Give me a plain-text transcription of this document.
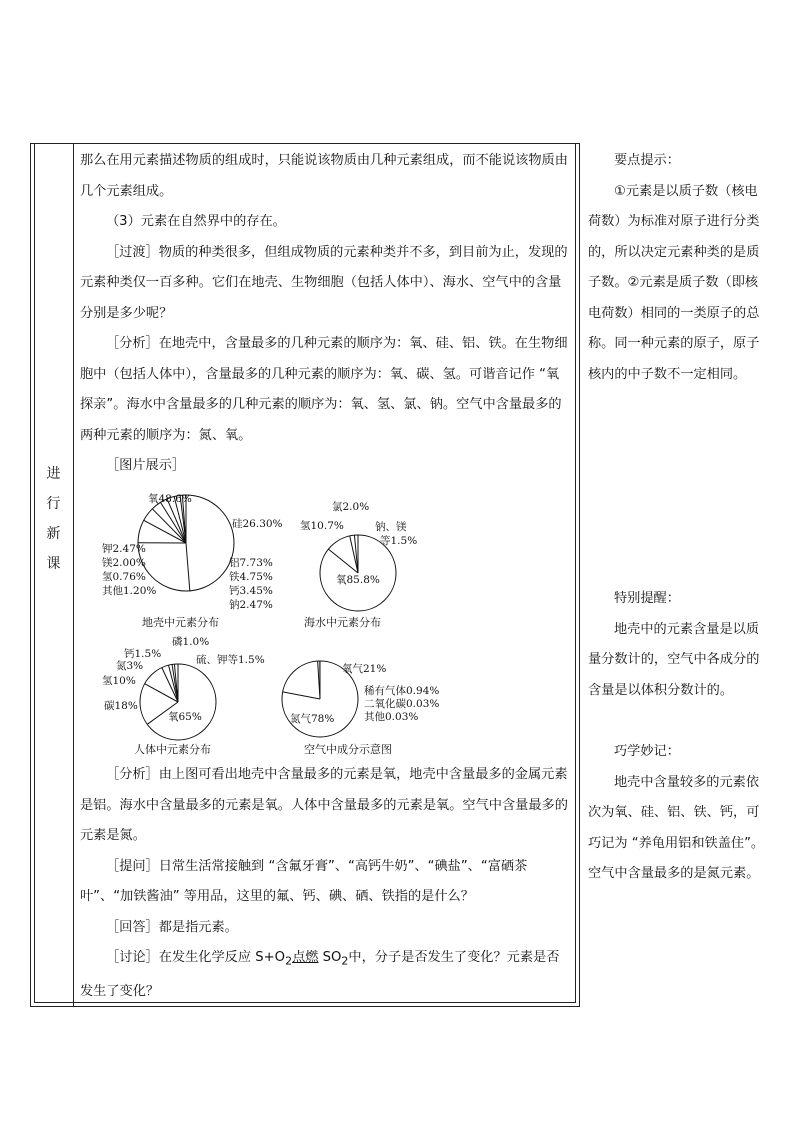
进
行
新
课

那么在用元素描述物质的组成时，只能说该物质由几种元素组成，而不能说该物质由几个元素组成。

（3）元素在自然界中的存在。

［过渡］物质的种类很多，但组成物质的元素种类并不多，到目前为止，发现的元素种类仅一百多种。它们在地壳、生物细胞（包括人体中）、海水、空气中的含量分别是多少呢？

［分析］在地壳中，含量最多的几种元素的顺序为：氧、硅、铝、铁。在生物细胞中（包括人体中），含量最多的几种元素的顺序为：氧、碳、氢。可谐音记作 “氧探亲”。海水中含量最多的几种元素的顺序为：氧、氢、氯、钠。空气中含量最多的两种元素的顺序为：氮、氧。

［图片展示］

氧48.6%
硅26.30%
铝7.73%
铁4.75%
钙3.45%
钠2.47%
钾2.47%
镁2.00%
氢0.76%
其他1.20%
地壳中元素分布
氯2.0%
氢10.7%	钠、镁
等1.5%
氧85.8%
海水中元素分布
磷1.0%
钙1.5%
氮3%	硫、钾等1.5%
氢10%
碳18%
氧65%
人体中元素分布
氧气21%
稀有气体0.94%
二氧化碳0.03%
其他0.03%
氮气78%
空气中成分示意图

［分析］由上图可看出地壳中含量最多的元素是氧，地壳中含量最多的金属元素是铝。海水中含量最多的元素是氧。人体中含量最多的元素是氧。空气中含量最多的元素是氮。

［提问］日常生活常接触到 “含氟牙膏”、“高钙牛奶”、“碘盐”、“富硒茶叶”、“加铁酱油” 等用品，这里的氟、钙、碘、硒、铁指的是什么？

［回答］都是指元素。

［讨论］在发生化学反应 $S+O_2$点燃 $SO_2$中，分子是否发生了变化？元素是否发生了变化？

要点提示：

①元素是以质子数（核电荷数）为标准对原子进行分类的，所以决定元素种类的是质子数。②元素是质子数（即核电荷数）相同的一类原子的总称。同一种元素的原子，原子核内的中子数不一定相同。

特别提醒：

地壳中的元素含量是以质量分数计的，空气中各成分的含量是以体积分数计的。

巧学妙记：

地壳中含量较多的元素依次为氧、硅、铝、铁、钙，可巧记为 “养龟用铝和铁盖住”。空气中含量最多的是氮元素。
